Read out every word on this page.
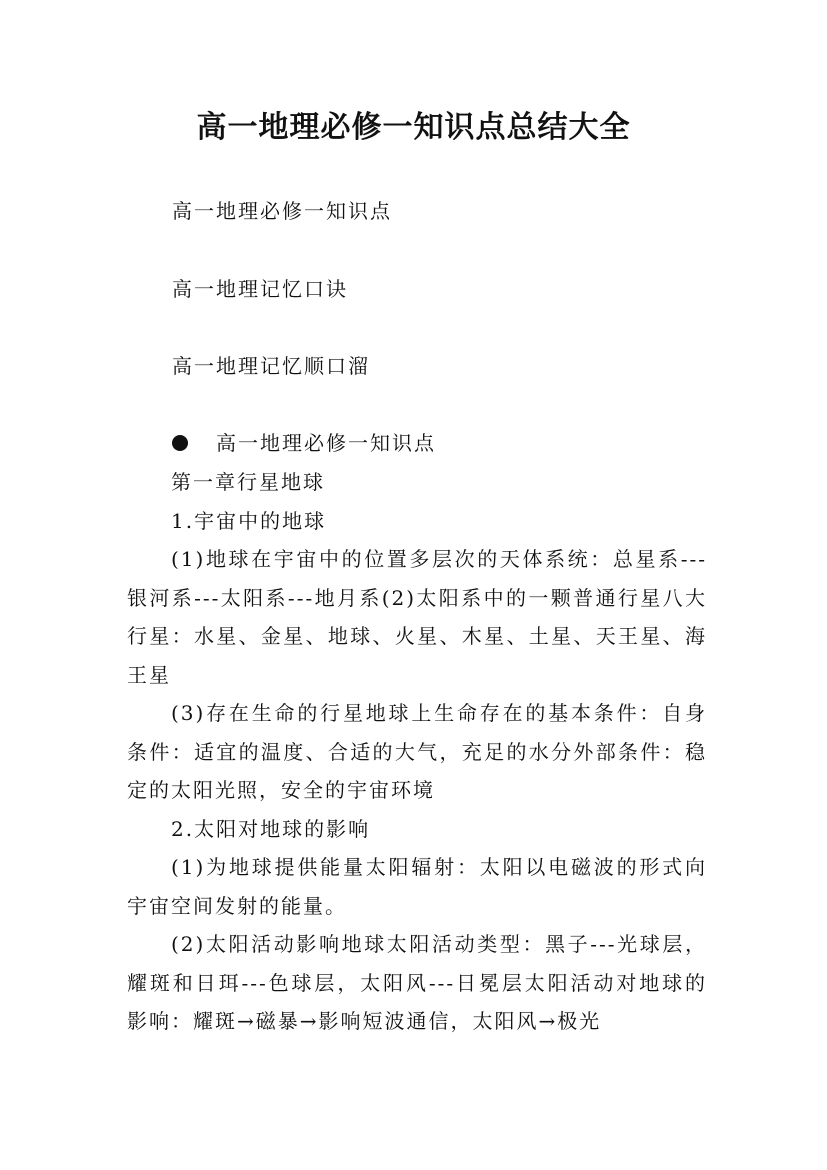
高一地理必修一知识点总结大全
高一地理必修一知识点
高一地理记忆口诀
高一地理记忆顺口溜
高一地理必修一知识点

第一章行星地球

1.宇宙中的地球

(1)地球在宇宙中的位置多层次的天体系统：总星系---银河系---太阳系---地月系(2)太阳系中的一颗普通行星八大行星：水星、金星、地球、火星、木星、土星、天王星、海王星

(3)存在生命的行星地球上生命存在的基本条件：自身条件：适宜的温度、合适的大气，充足的水分外部条件：稳定的太阳光照，安全的宇宙环境

2.太阳对地球的影响

(1)为地球提供能量太阳辐射：太阳以电磁波的形式向宇宙空间发射的能量。

(2)太阳活动影响地球太阳活动类型：黑子---光球层，耀斑和日珥---色球层，太阳风---日冕层太阳活动对地球的影响：耀斑→磁暴→影响短波通信，太阳风→极光
